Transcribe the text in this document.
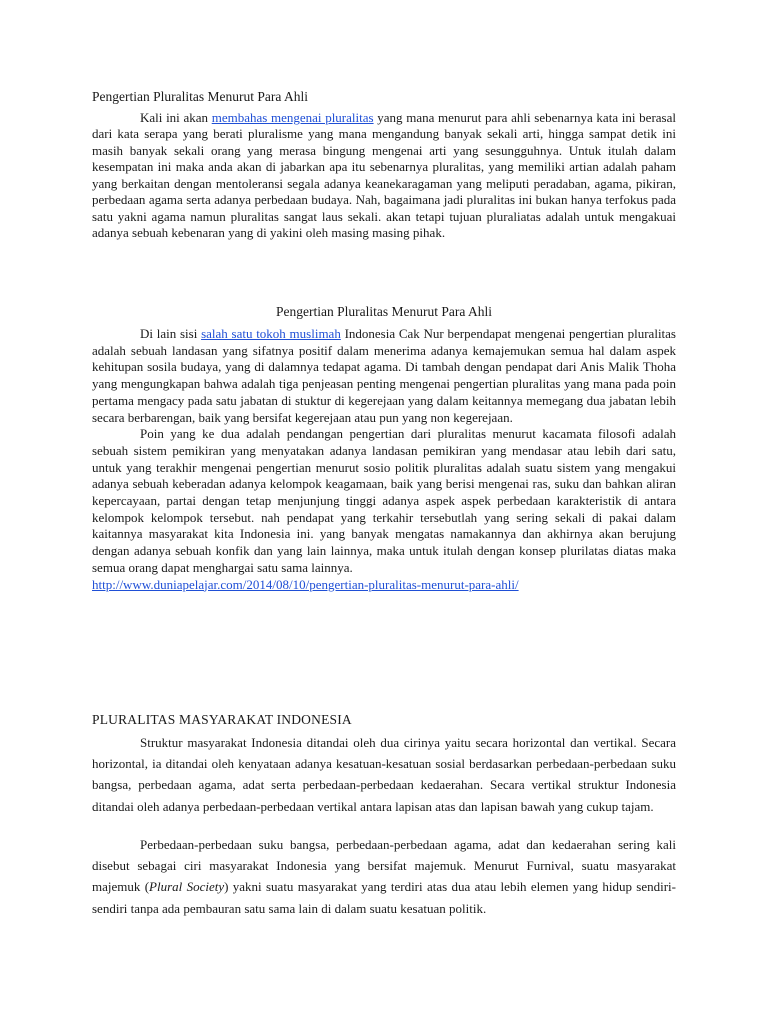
Pengertian Pluralitas Menurut Para Ahli

Kali ini akan membahas mengenai pluralitas yang mana menurut para ahli sebenarnya kata ini berasal dari kata serapa yang berati pluralisme yang mana mengandung banyak sekali arti, hingga sampat detik ini masih banyak sekali orang yang merasa bingung mengenai arti yang sesungguhnya. Untuk itulah dalam kesempatan ini maka anda akan di jabarkan apa itu sebenarnya pluralitas, yang memiliki artian adalah paham yang berkaitan dengan mentoleransi segala adanya keanekaragaman yang meliputi peradaban, agama, pikiran, perbedaan agama serta adanya perbedaan budaya. Nah, bagaimana jadi pluralitas ini bukan hanya terfokus pada satu yakni agama namun pluralitas sangat laus sekali. akan tetapi tujuan pluraliatas adalah untuk mengakuai adanya sebuah kebenaran yang di yakini oleh masing masing pihak.

Pengertian Pluralitas Menurut Para Ahli

Di lain sisi salah satu tokoh muslimah Indonesia Cak Nur berpendapat mengenai pengertian pluralitas adalah sebuah landasan yang sifatnya positif dalam menerima adanya kemajemukan semua hal dalam aspek kehitupan sosila budaya, yang di dalamnya tedapat agama. Di tambah dengan pendapat dari Anis Malik Thoha yang mengungkapan bahwa adalah tiga penjeasan penting mengenai pengertian pluralitas yang mana pada poin pertama mengacy pada satu jabatan di stuktur di kegerejaan yang dalam keitannya memegang dua jabatan lebih secara berbarengan, baik yang bersifat kegerejaan atau pun yang non kegerejaan.

Poin yang ke dua adalah pendangan pengertian dari pluralitas menurut kacamata filosofi adalah sebuah sistem pemikiran yang menyatakan adanya landasan pemikiran yang mendasar atau lebih dari satu, untuk yang terakhir mengenai pengertian menurut sosio politik pluralitas adalah suatu sistem yang mengakui adanya sebuah keberadan adanya kelompok keagamaan, baik yang berisi mengenai ras, suku dan bahkan aliran kepercayaan, partai dengan tetap menjunjung tinggi adanya aspek aspek perbedaan karakteristik di antara kelompok kelompok tersebut. nah pendapat yang terkahir tersebutlah yang sering sekali di pakai dalam kaitannya masyarakat kita Indonesia ini. yang banyak mengatas namakannya dan akhirnya akan berujung dengan adanya sebuah konfik dan yang lain lainnya, maka untuk itulah dengan konsep plurilatas diatas maka semua orang dapat menghargai satu sama lainnya.

http://www.duniapelajar.com/2014/08/10/pengertian-pluralitas-menurut-para-ahli/

PLURALITAS MASYARAKAT INDONESIA

Struktur masyarakat Indonesia ditandai oleh dua cirinya yaitu secara horizontal dan vertikal. Secara horizontal, ia ditandai oleh kenyataan adanya kesatuan-kesatuan sosial berdasarkan perbedaan-perbedaan suku bangsa, perbedaan agama, adat serta perbedaan-perbedaan kedaerahan. Secara vertikal struktur Indonesia ditandai oleh adanya perbedaan-perbedaan vertikal antara lapisan atas dan lapisan bawah yang cukup tajam.

Perbedaan-perbedaan suku bangsa, perbedaan-perbedaan agama, adat dan kedaerahan sering kali disebut sebagai ciri masyarakat Indonesia yang bersifat majemuk. Menurut Furnival, suatu masyarakat majemuk (Plural Society) yakni suatu masyarakat yang terdiri atas dua atau lebih elemen yang hidup sendiri-sendiri tanpa ada pembauran satu sama lain di dalam suatu kesatuan politik.
